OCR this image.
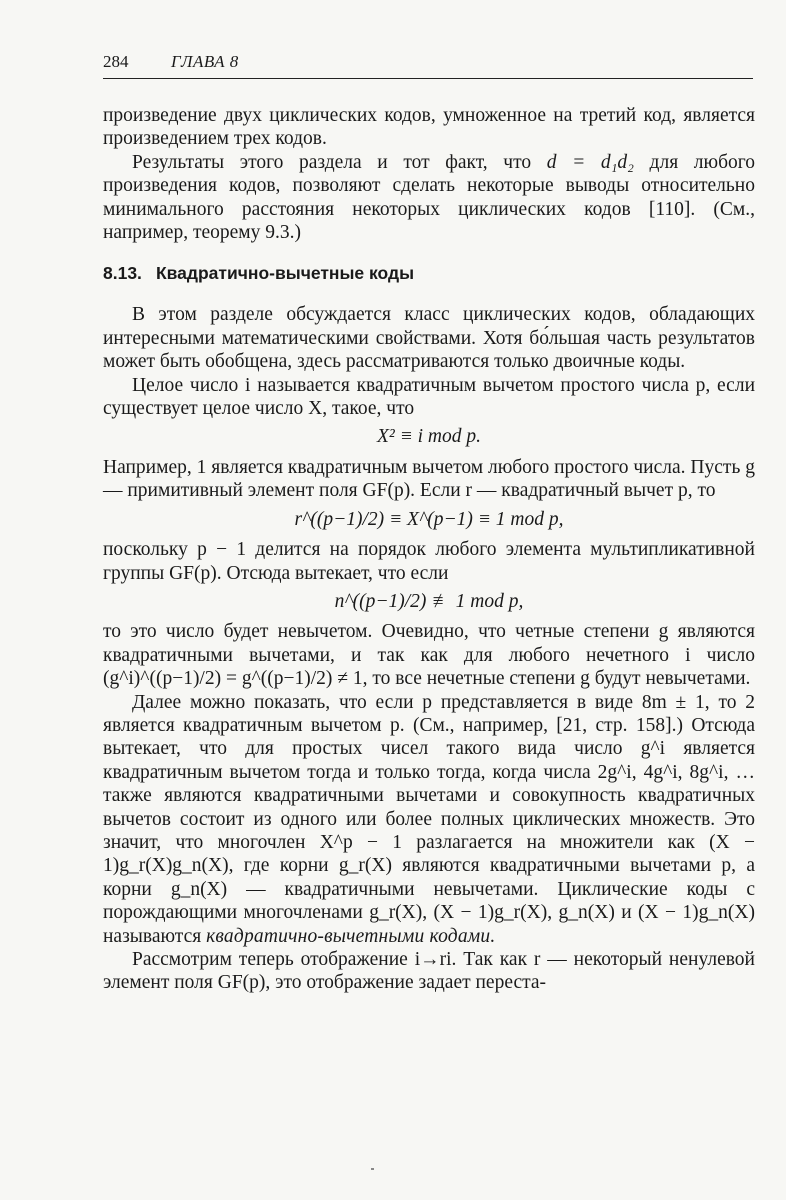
284	ГЛАВА 8

произведение двух циклических кодов, умноженное на третий код, является произведением трех кодов.

Результаты этого раздела и тот факт, что d = d₁d₂ для любого произведения кодов, позволяют сделать некоторые выводы относительно минимального расстояния некоторых циклических кодов [110]. (См., например, теорему 9.3.)

8.13. Квадратично-вычетные коды

В этом разделе обсуждается класс циклических кодов, обладающих интересными математическими свойствами. Хотя бо́льшая часть результатов может быть обобщена, здесь рассматриваются только двоичные коды.

Целое число i называется квадратичным вычетом простого числа p, если существует целое число X, такое, что

X² ≡ i mod p.

Например, 1 является квадратичным вычетом любого простого числа. Пусть g — примитивный элемент поля GF(p). Если r — квадратичный вычет p, то

r^((p−1)/2) ≡ X^(p−1) ≡ 1 mod p,

поскольку p − 1 делится на порядок любого элемента мультипликативной группы GF(p). Отсюда вытекает, что если

n^((p−1)/2) ≢ 1 mod p,

то это число будет невычетом. Очевидно, что четные степени g являются квадратичными вычетами, и так как для любого нечетного i число (g^i)^((p−1)/2) = g^((p−1)/2) ≠ 1, то все нечетные степени g будут невычетами.

Далее можно показать, что если p представляется в виде 8m ± 1, то 2 является квадратичным вычетом p. (См., например, [21, стр. 158].) Отсюда вытекает, что для простых чисел такого вида число g^i является квадратичным вычетом тогда и только тогда, когда числа 2g^i, 4g^i, 8g^i, … также являются квадратичными вычетами и совокупность квадратичных вычетов состоит из одного или более полных циклических множеств. Это значит, что многочлен X^p − 1 разлагается на множители как (X − 1)g_r(X)g_n(X), где корни g_r(X) являются квадратичными вычетами p, а корни g_n(X) — квадратичными невычетами. Циклические коды с порождающими многочленами g_r(X), (X − 1)g_r(X), g_n(X) и (X − 1)g_n(X) называются квадратично-вычетными кодами.

Рассмотрим теперь отображение i→ri. Так как r — некоторый ненулевой элемент поля GF(p), это отображение задает переста-
